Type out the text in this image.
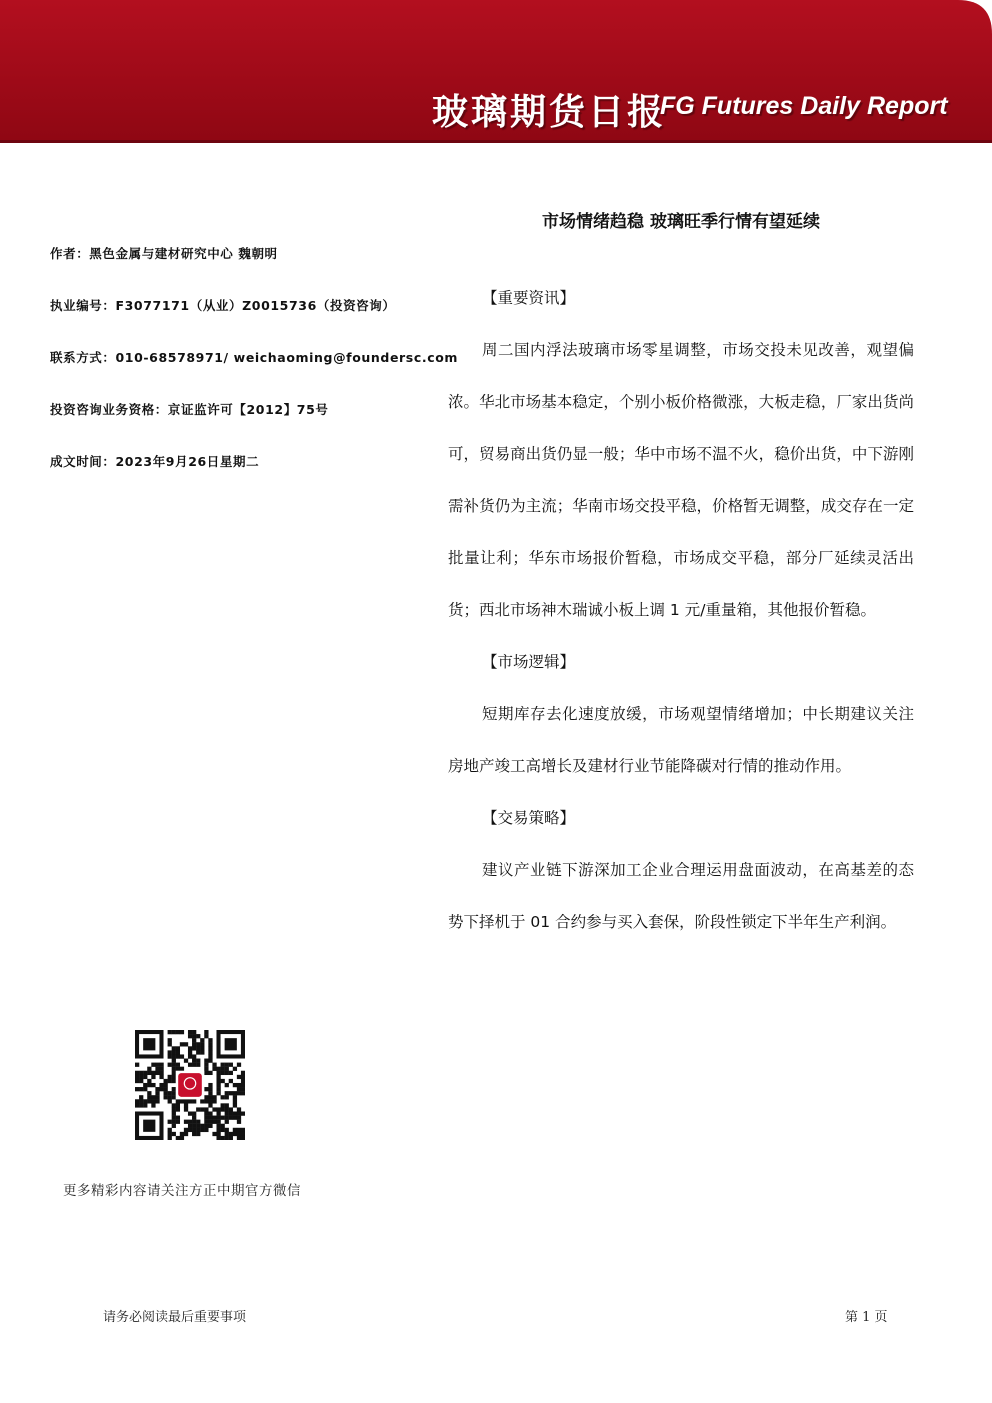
玻璃期货日报
FG Futures Daily Report
作者：黑色金属与建材研究中心 魏朝明
执业编号：F3077171（从业）Z0015736（投资咨询）
联系方式：010-68578971/ weichaoming@foundersc.com
投资咨询业务资格：京证监许可【2012】75号
成文时间：2023年9月26日星期二
市场情绪趋稳 玻璃旺季行情有望延续

【重要资讯】

周二国内浮法玻璃市场零星调整，市场交投未见改善，观望偏浓。华北市场基本稳定，个别小板价格微涨，大板走稳，厂家出货尚可，贸易商出货仍显一般；华中市场不温不火，稳价出货，中下游刚需补货仍为主流；华南市场交投平稳，价格暂无调整，成交存在一定批量让利；华东市场报价暂稳，市场成交平稳，部分厂延续灵活出货；西北市场神木瑞诚小板上调 1 元/重量箱，其他报价暂稳。

【市场逻辑】

短期库存去化速度放缓，市场观望情绪增加；中长期建议关注房地产竣工高增长及建材行业节能降碳对行情的推动作用。

【交易策略】

建议产业链下游深加工企业合理运用盘面波动，在高基差的态势下择机于 01 合约参与买入套保，阶段性锁定下半年生产利润。

更多精彩内容请关注方正中期官方微信
请务必阅读最后重要事项	第 1 页
